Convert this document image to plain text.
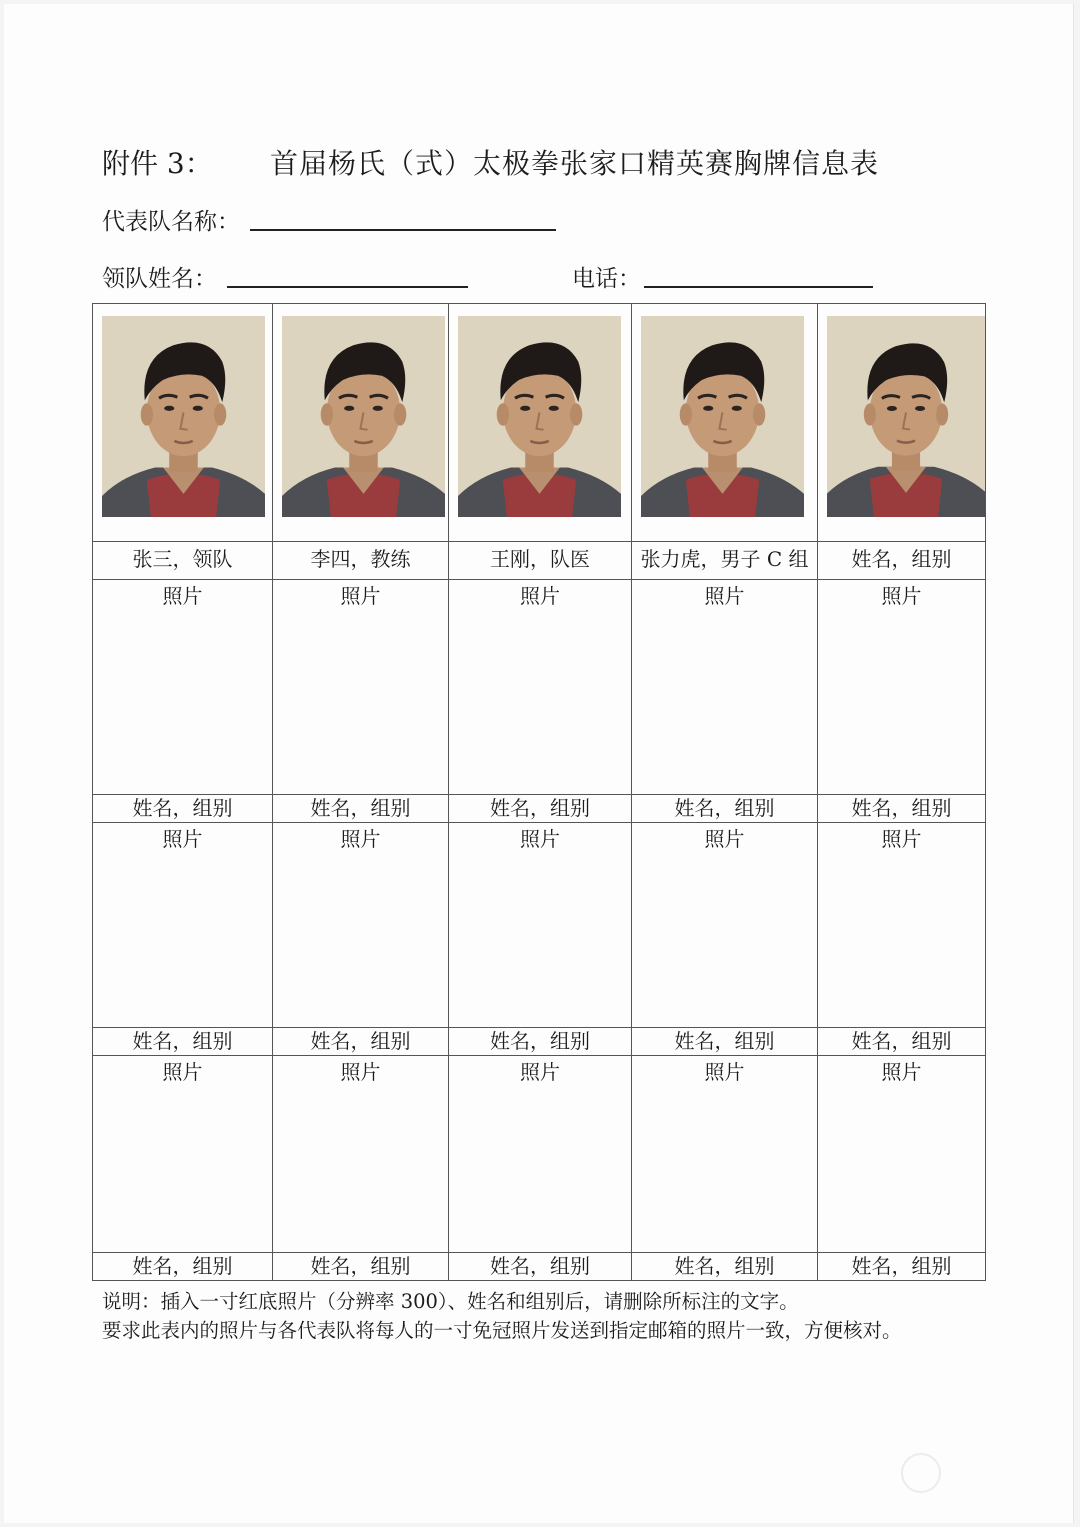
附件 3： 首届杨氏（式）太极拳张家口精英赛胸牌信息表
代表队名称：
领队姓名：	电话：

张三，领队	李四，教练	王刚，队医	张力虎，男子 C 组	姓名，组别
照片	照片	照片	照片	照片
姓名，组别	姓名，组别	姓名，组别	姓名，组别	姓名，组别
照片	照片	照片	照片	照片
姓名，组别	姓名，组别	姓名，组别	姓名，组别	姓名，组别
照片	照片	照片	照片	照片
姓名，组别	姓名，组别	姓名，组别	姓名，组别	姓名，组别
说明：插入一寸红底照片（分辨率 300）、姓名和组别后，请删除所标注的文字。
要求此表内的照片与各代表队将每人的一寸免冠照片发送到指定邮箱的照片一致，方便核对。
